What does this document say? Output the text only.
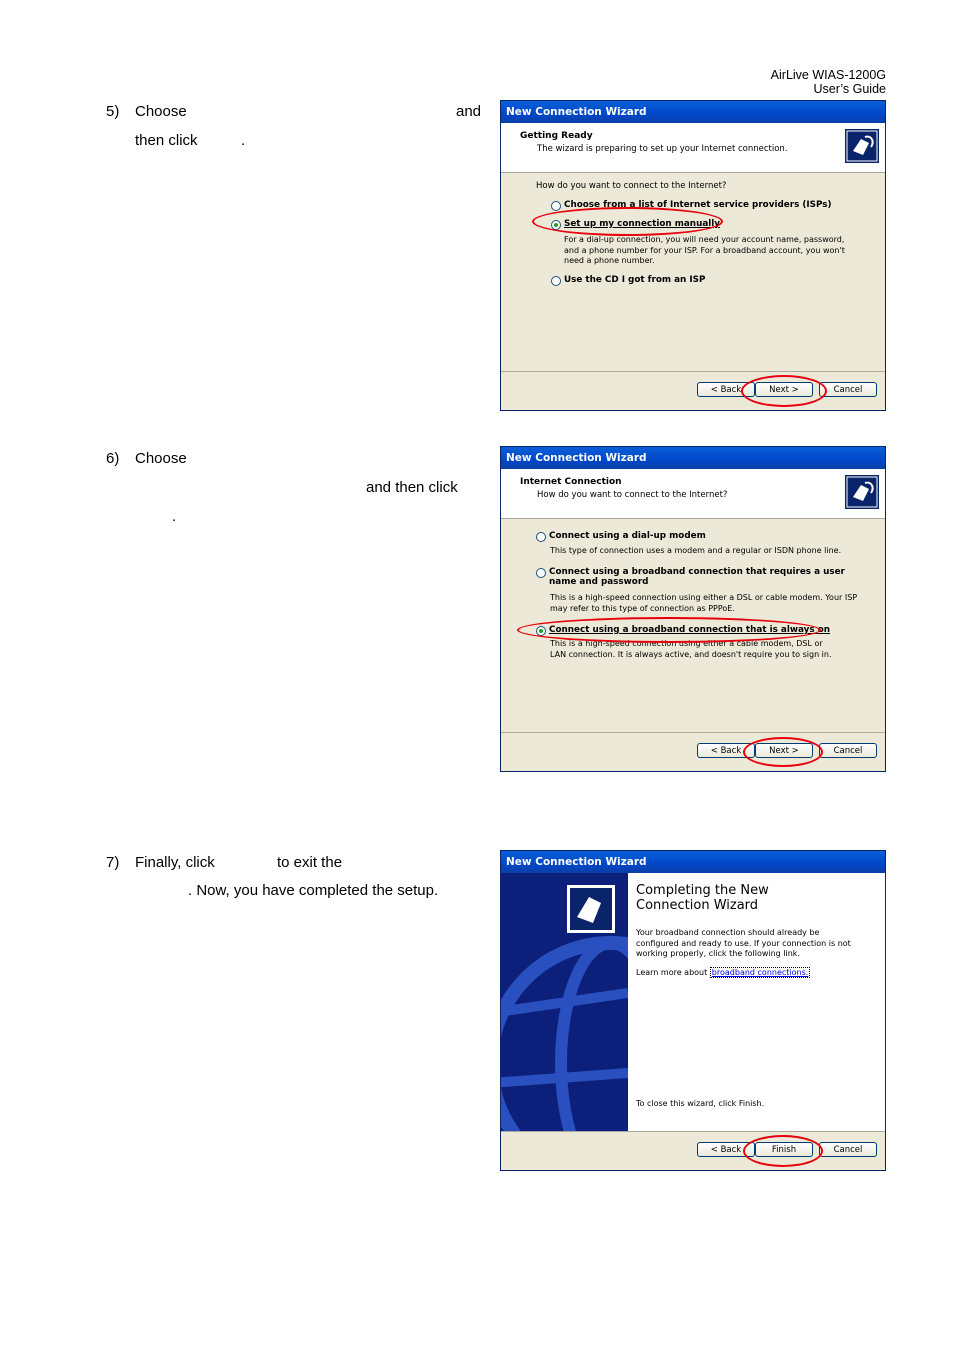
AirLive WIAS-1200G
User’s Guide
5) Choose	and
then click	.
6) Choose
and then click
.
7) Finally, click	to exit the
. Now, you have completed the setup.
New Connection Wizard
Getting Ready
The wizard is preparing to set up your Internet connection.
How do you want to connect to the Internet?
Choose from a list of Internet service providers (ISPs)
Set up my connection manually
For a dial-up connection, you will need your account name, password, and a phone number for your ISP. For a broadband account, you won't need a phone number.
Use the CD I got from an ISP
< Back	Next >	Cancel
New Connection Wizard
Internet Connection
How do you want to connect to the Internet?
Connect using a dial-up modem
This type of connection uses a modem and a regular or ISDN phone line.
Connect using a broadband connection that requires a user name and password
This is a high-speed connection using either a DSL or cable modem. Your ISP may refer to this type of connection as PPPoE.
Connect using a broadband connection that is always on
This is a high-speed connection using either a cable modem, DSL or LAN connection. It is always active, and doesn't require you to sign in.
< Back	Next >	Cancel
New Connection Wizard
Completing the New Connection Wizard
Your broadband connection should already be configured and ready to use. If your connection is not working properly, click the following link.
Learn more about broadband connections.
To close this wizard, click Finish.
< Back	Finish	Cancel
